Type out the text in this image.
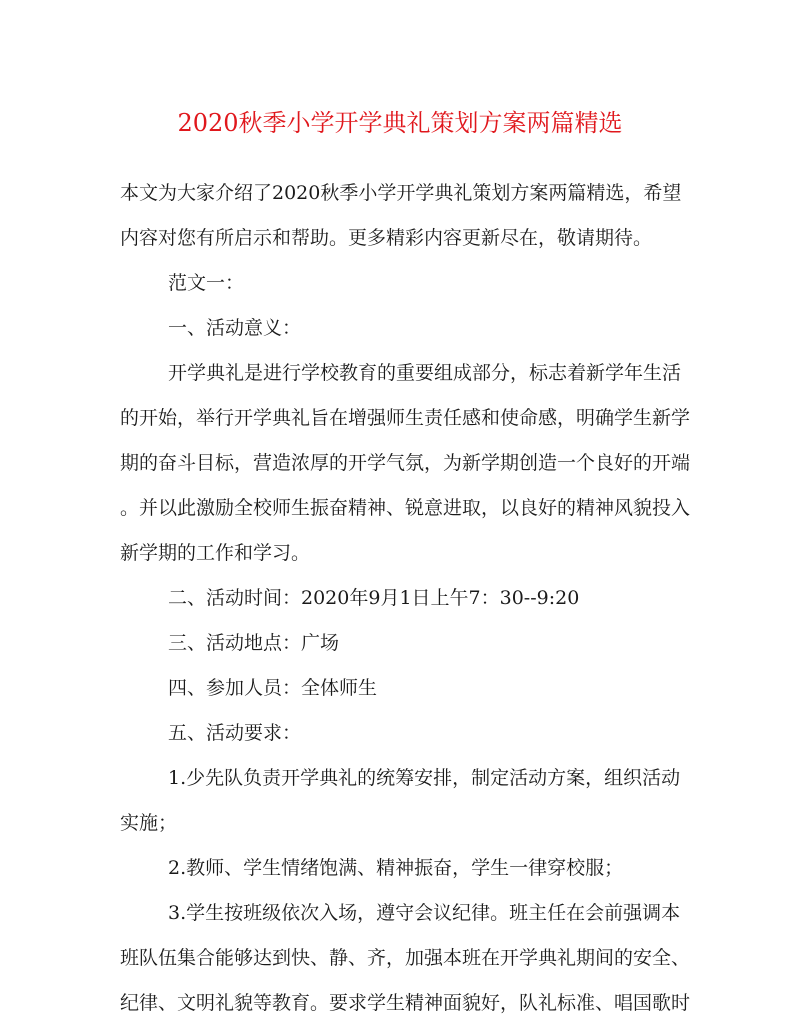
2020秋季小学开学典礼策划方案两篇精选
本文为大家介绍了2020秋季小学开学典礼策划方案两篇精选，希望
内容对您有所启示和帮助。更多精彩内容更新尽在，敬请期待。
范文一：
一、活动意义：
开学典礼是进行学校教育的重要组成部分，标志着新学年生活
的开始，举行开学典礼旨在增强师生责任感和使命感，明确学生新学
期的奋斗目标，营造浓厚的开学气氛，为新学期创造一个良好的开端
。并以此激励全校师生振奋精神、锐意进取，以良好的精神风貌投入
新学期的工作和学习。
二、活动时间：2020年9月1日上午7：30--9:20
三、活动地点：广场
四、参加人员：全体师生
五、活动要求：
1.少先队负责开学典礼的统筹安排，制定活动方案，组织活动
实施；
2.教师、学生情绪饱满、精神振奋，学生一律穿校服；
3.学生按班级依次入场，遵守会议纪律。班主任在会前强调本
班队伍集合能够达到快、静、齐，加强本班在开学典礼期间的安全、
纪律、文明礼貌等教育。要求学生精神面貌好，队礼标准、唱国歌时
